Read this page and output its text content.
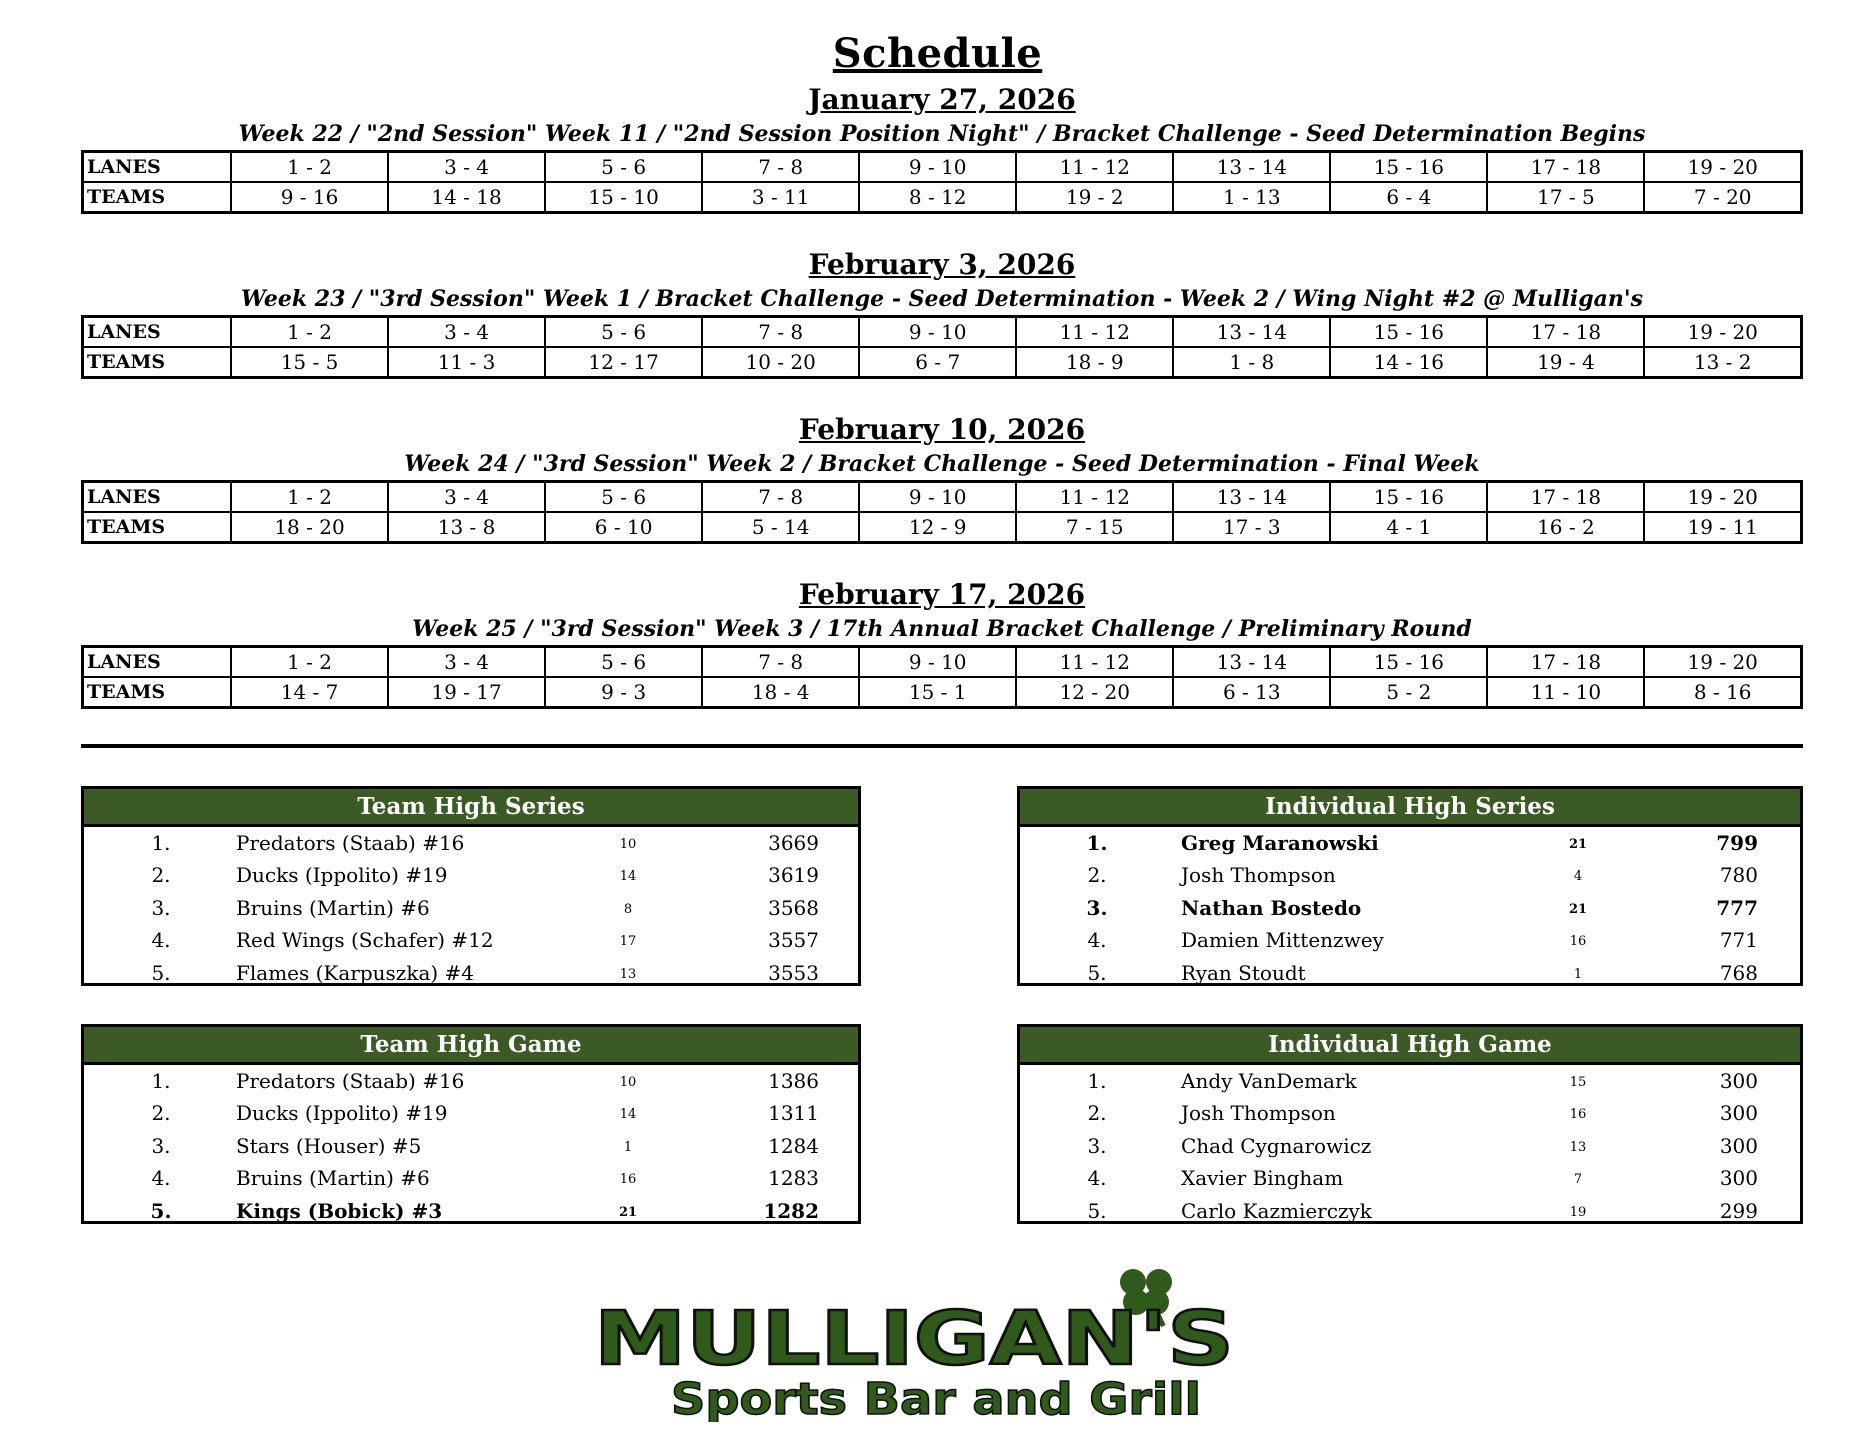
Schedule
January 27, 2026
Week 22 / "2nd Session" Week 11 / "2nd Session Position Night" / Bracket Challenge - Seed Determination Begins
LANES	1 - 2	3 - 4	5 - 6	7 - 8	9 - 10	11 - 12	13 - 14	15 - 16	17 - 18	19 - 20
TEAMS	9 - 16	14 - 18	15 - 10	3 - 11	8 - 12	19 - 2	1 - 13	6 - 4	17 - 5	7 - 20
February 3, 2026
Week 23 / "3rd Session" Week 1 / Bracket Challenge - Seed Determination - Week 2 / Wing Night #2 @ Mulligan's
LANES	1 - 2	3 - 4	5 - 6	7 - 8	9 - 10	11 - 12	13 - 14	15 - 16	17 - 18	19 - 20
TEAMS	15 - 5	11 - 3	12 - 17	10 - 20	6 - 7	18 - 9	1 - 8	14 - 16	19 - 4	13 - 2
February 10, 2026
Week 24 / "3rd Session" Week 2 / Bracket Challenge - Seed Determination - Final Week
LANES	1 - 2	3 - 4	5 - 6	7 - 8	9 - 10	11 - 12	13 - 14	15 - 16	17 - 18	19 - 20
TEAMS	18 - 20	13 - 8	6 - 10	5 - 14	12 - 9	7 - 15	17 - 3	4 - 1	16 - 2	19 - 11
February 17, 2026
Week 25 / "3rd Session" Week 3 / 17th Annual Bracket Challenge / Preliminary Round
LANES	1 - 2	3 - 4	5 - 6	7 - 8	9 - 10	11 - 12	13 - 14	15 - 16	17 - 18	19 - 20
TEAMS	14 - 7	19 - 17	9 - 3	18 - 4	15 - 1	12 - 20	6 - 13	5 - 2	11 - 10	8 - 16
Team High Series
1.	Predators (Staab) #16	10	3669
2.	Ducks (Ippolito) #19	14	3619
3.	Bruins (Martin) #6	8	3568
4.	Red Wings (Schafer) #12	17	3557
5.	Flames (Karpuszka) #4	13	3553
Individual High Series
1.	Greg Maranowski	21	799
2.	Josh Thompson	4	780
3.	Nathan Bostedo	21	777
4.	Damien Mittenzwey	16	771
5.	Ryan Stoudt	1	768
Team High Game
1.	Predators (Staab) #16	10	1386
2.	Ducks (Ippolito) #19	14	1311
3.	Stars (Houser) #5	1	1284
4.	Bruins (Martin) #6	16	1283
5.	Kings (Bobick) #3	21	1282
Individual High Game
1.	Andy VanDemark	15	300
2.	Josh Thompson	16	300
3.	Chad Cygnarowicz	13	300
4.	Xavier Bingham	7	300
5.	Carlo Kazmierczyk	19	299
MULLIGAN'S
Sports Bar and Grill
